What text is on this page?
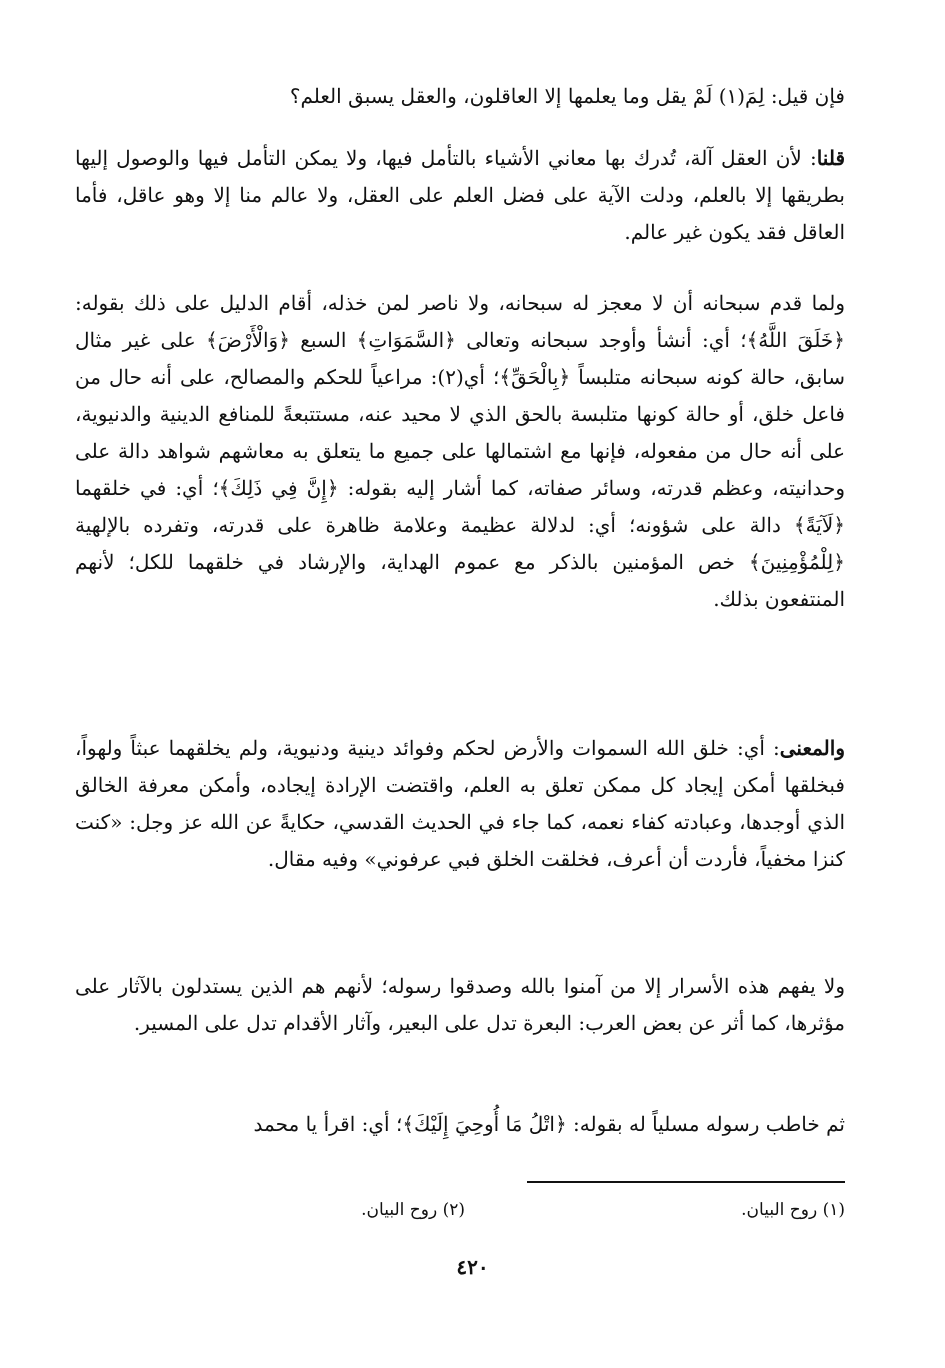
فإن قيل: لِمَ(١) لَمْ يقل وما يعلمها إلا العاقلون، والعقل يسبق العلم؟

قلنا: لأن العقل آلة، تُدرك بها معاني الأشياء بالتأمل فيها، ولا يمكن التأمل فيها والوصول إليها بطريقها إلا بالعلم، ودلت الآية على فضل العلم على العقل، ولا عالم منا إلا وهو عاقل، فأما العاقل فقد يكون غير عالم.

ولما قدم سبحانه أن لا معجز له سبحانه، ولا ناصر لمن خذله، أقام الدليل على ذلك بقوله: ﴿خَلَقَ اللَّهُ﴾؛ أي: أنشأ وأوجد سبحانه وتعالى ﴿السَّمَوَاتِ﴾ السبع ﴿وَالْأَرْضَ﴾ على غير مثال سابق، حالة كونه سبحانه متلبساً ﴿بِالْحَقِّ﴾؛ أي(٢): مراعياً للحكم والمصالح، على أنه حال من فاعل خلق، أو حالة كونها متلبسة بالحق الذي لا محيد عنه، مستتبعةً للمنافع الدينية والدنيوية، على أنه حال من مفعوله، فإنها مع اشتمالها على جميع ما يتعلق به معاشهم شواهد دالة على وحدانيته، وعظم قدرته، وسائر صفاته، كما أشار إليه بقوله: ﴿إِنَّ فِي ذَلِكَ﴾؛ أي: في خلقهما ﴿لَآيَةً﴾ دالة على شؤونه؛ أي: لدلالة عظيمة وعلامة ظاهرة على قدرته، وتفرده بالإلهية ﴿لِلْمُؤْمِنِينَ﴾ خص المؤمنين بالذكر مع عموم الهداية، والإرشاد في خلقهما للكل؛ لأنهم المنتفعون بذلك.

والمعنى: أي: خلق الله السموات والأرض لحكم وفوائد دينية ودنيوية، ولم يخلقهما عبثاً ولهواً، فبخلقها أمكن إيجاد كل ممكن تعلق به العلم، واقتضت الإرادة إيجاده، وأمكن معرفة الخالق الذي أوجدها، وعبادته كفاء نعمه، كما جاء في الحديث القدسي، حكايةً عن الله عز وجل: «كنت كنزا مخفياً، فأردت أن أعرف، فخلقت الخلق فبي عرفوني» وفيه مقال.

ولا يفهم هذه الأسرار إلا من آمنوا بالله وصدقوا رسوله؛ لأنهم هم الذين يستدلون بالآثار على مؤثرها، كما أثر عن بعض العرب: البعرة تدل على البعير، وآثار الأقدام تدل على المسير.

ثم خاطب رسوله مسلياً له بقوله: ﴿اتْلُ مَا أُوحِيَ إِلَيْكَ﴾؛ أي: اقرأ يا محمد

(١) روح البيان.
(٢) روح البيان.
٤٢٠
